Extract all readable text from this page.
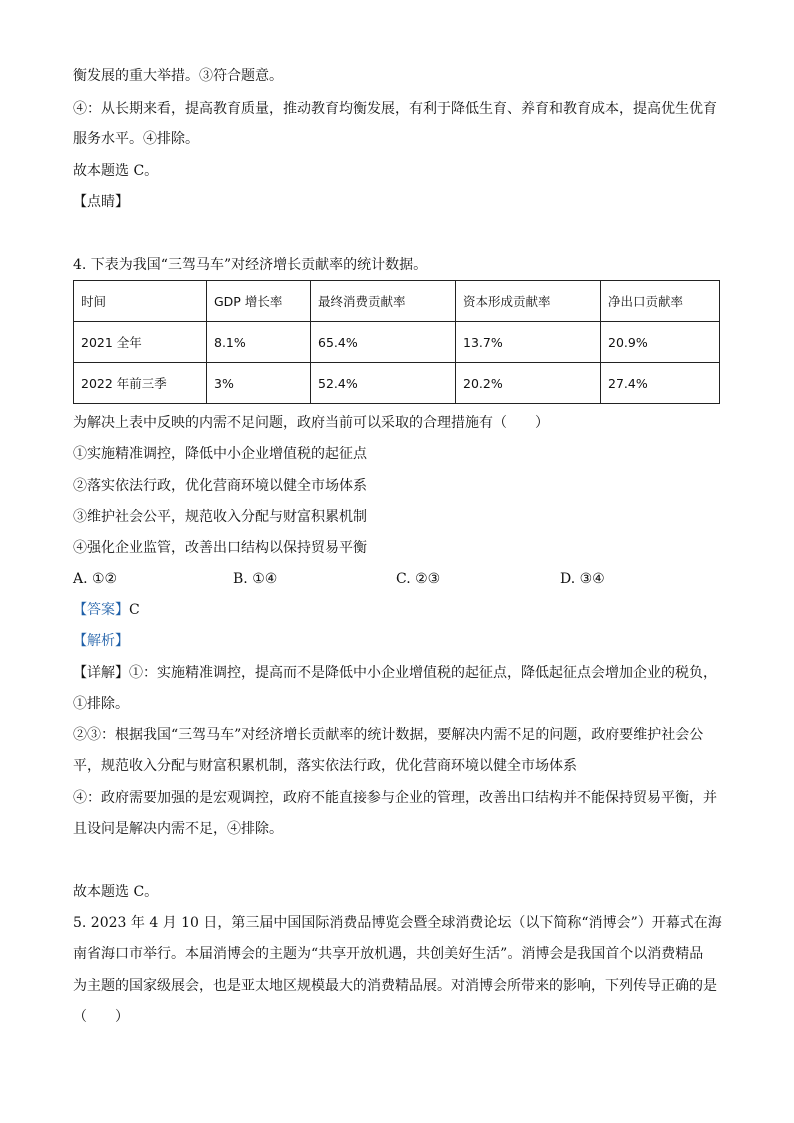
衡发展的重大举措。③符合题意。
④：从长期来看，提高教育质量，推动教育均衡发展，有利于降低生育、养育和教育成本，提高优生优育
服务水平。④排除。
故本题选 C。
【点睛】
4. 下表为我国“三驾马车”对经济增长贡献率的统计数据。
时间	GDP 增长率	最终消费贡献率	资本形成贡献率	净出口贡献率
2021 全年	8.1%	65.4%	13.7%	20.9%
2022 年前三季	3%	52.4%	20.2%	27.4%
为解决上表中反映的内需不足问题，政府当前可以采取的合理措施有（　　）
①实施精准调控，降低中小企业增值税的起征点
②落实依法行政，优化营商环境以健全市场体系
③维护社会公平，规范收入分配与财富积累机制
④强化企业监管，改善出口结构以保持贸易平衡
A. ①②	B. ①④	C. ②③	D. ③④
【答案】C
【解析】
【详解】①：实施精准调控，提高而不是降低中小企业增值税的起征点，降低起征点会增加企业的税负，
①排除。
②③：根据我国“三驾马车”对经济增长贡献率的统计数据，要解决内需不足的问题，政府要维护社会公
平，规范收入分配与财富积累机制，落实依法行政，优化营商环境以健全市场体系
④：政府需要加强的是宏观调控，政府不能直接参与企业的管理，改善出口结构并不能保持贸易平衡，并
且设问是解决内需不足，④排除。
故本题选 C。
5. 2023 年 4 月 10 日，第三届中国国际消费品博览会暨全球消费论坛（以下简称“消博会”）开幕式在海
南省海口市举行。本届消博会的主题为“共享开放机遇，共创美好生活”。消博会是我国首个以消费精品
为主题的国家级展会，也是亚太地区规模最大的消费精品展。对消博会所带来的影响，下列传导正确的是
（　　）
